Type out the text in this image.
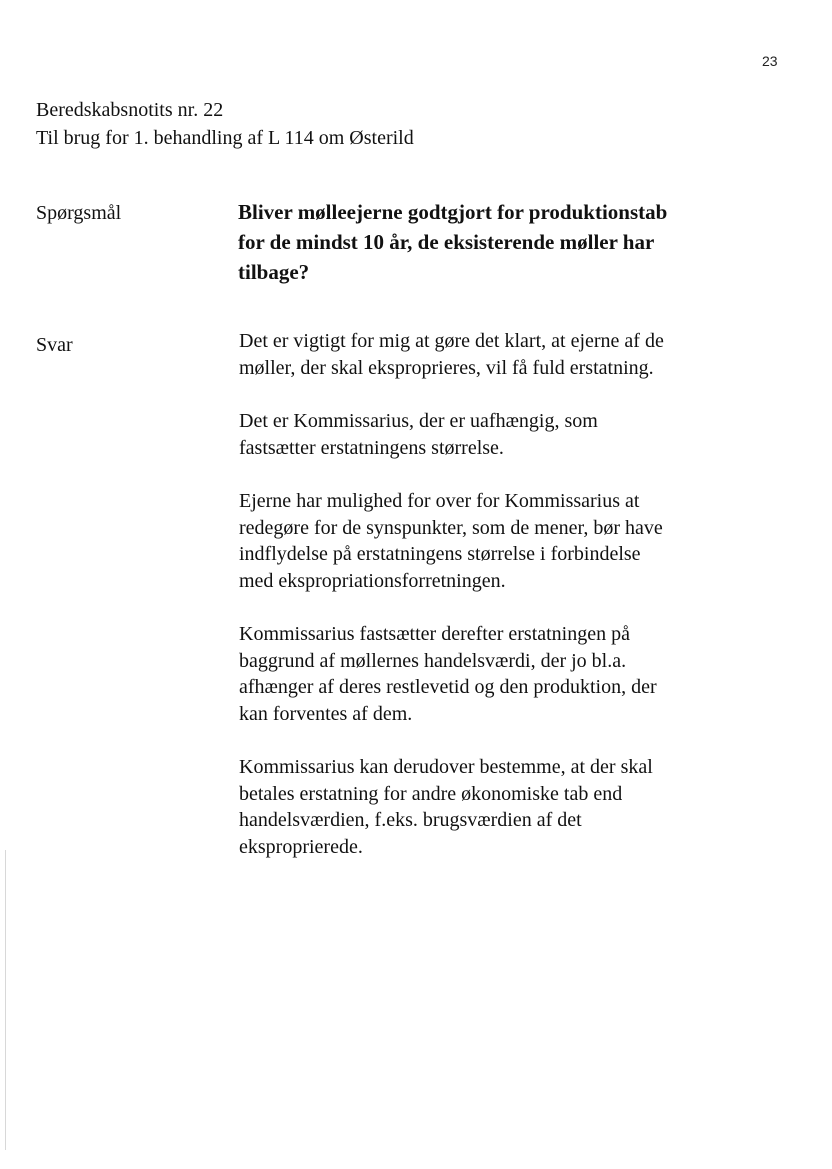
23
Beredskabsnotits nr. 22
Til brug for 1. behandling af L 114 om Østerild
Spørgsmål	Bliver mølleejerne godtgjort for produktionstab
for de mindst 10 år, de eksisterende møller har
tilbage?
Svar	Det er vigtigt for mig at gøre det klart, at ejerne af de
møller, der skal eksproprieres, vil få fuld erstatning.

Det er Kommissarius, der er uafhængig, som
fastsætter erstatningens størrelse.

Ejerne har mulighed for over for Kommissarius at
redegøre for de synspunkter, som de mener, bør have
indflydelse på erstatningens størrelse i forbindelse
med ekspropriationsforretningen.

Kommissarius fastsætter derefter erstatningen på
baggrund af møllernes handelsværdi, der jo bl.a.
afhænger af deres restlevetid og den produktion, der
kan forventes af dem.

Kommissarius kan derudover bestemme, at der skal
betales erstatning for andre økonomiske tab end
handelsværdien, f.eks. brugsværdien af det
eksproprierede.
